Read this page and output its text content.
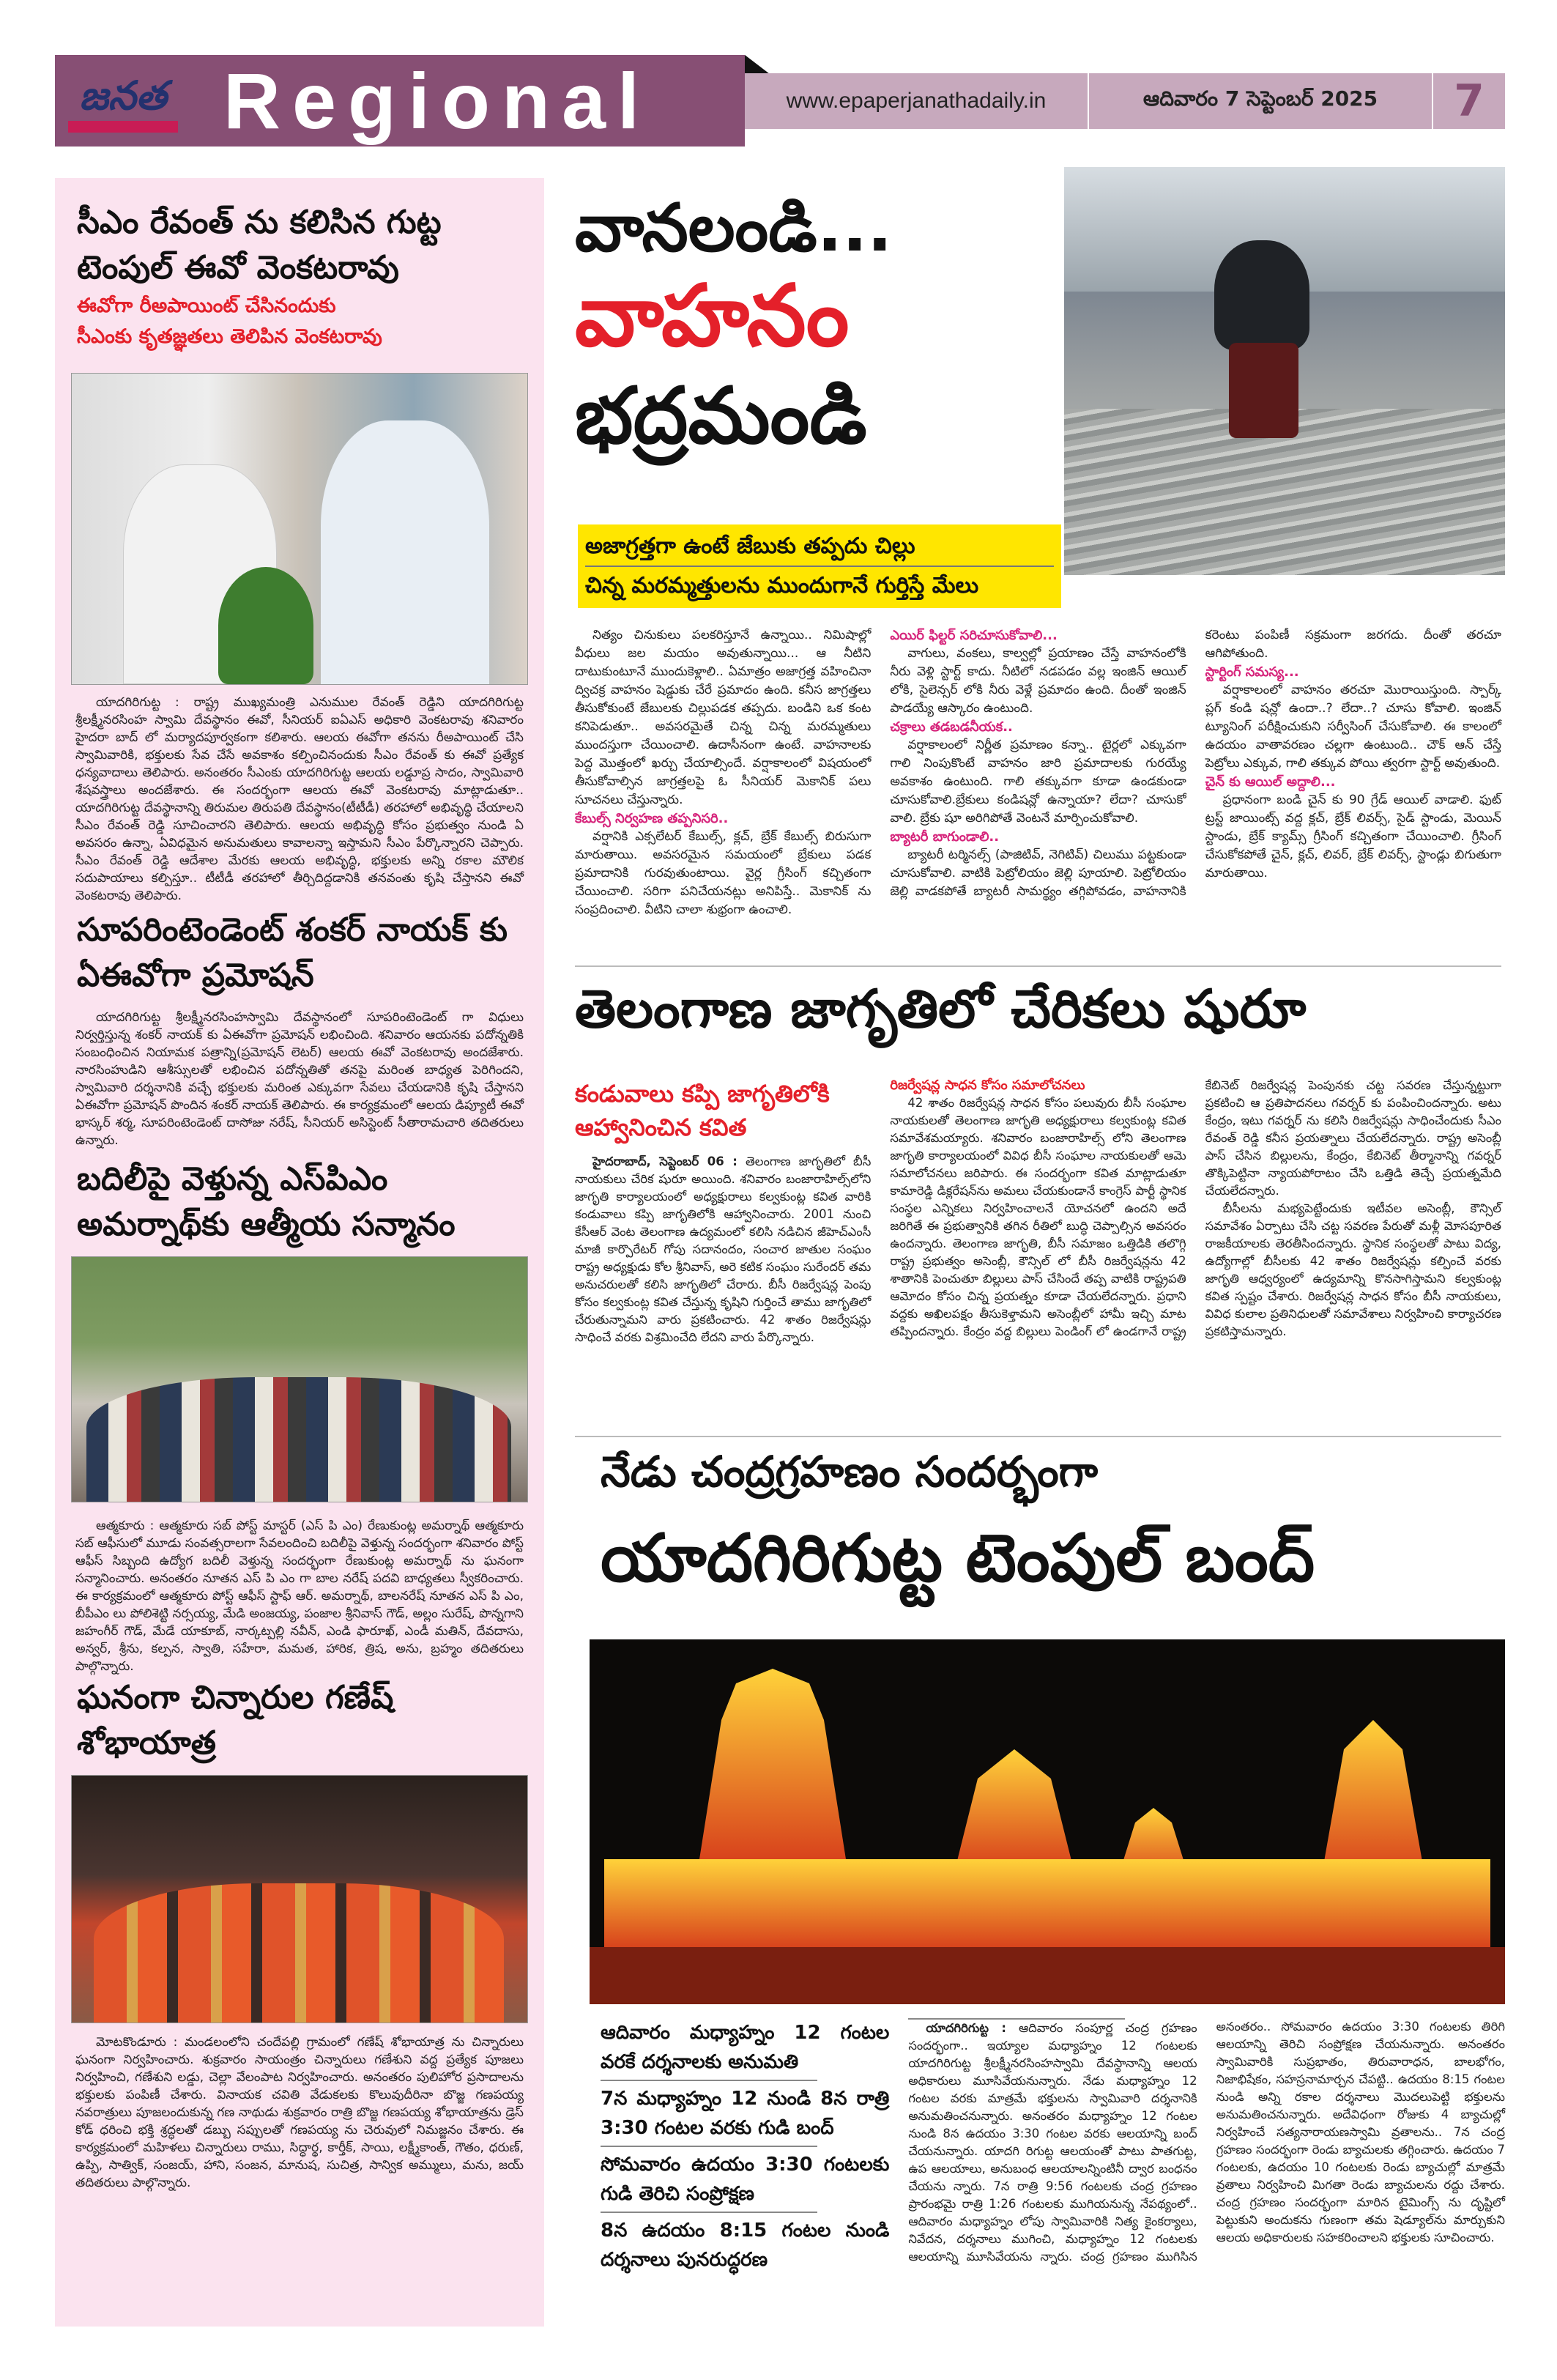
జనత Regional	www.epaperjanathadaily.in	ఆదివారం 7 సెప్టెంబర్ 2025	7
సీఎం రేవంత్ ను కలిసిన గుట్ట
టెంపుల్ ఈవో వెంకటరావు
ఈవోగా రీఅపాయింట్ చేసినందుకు
సీఎంకు కృతజ్ఞతలు తెలిపిన వెంకటరావు
యాదగిరిగుట్ట : రాష్ట్ర ముఖ్యమంత్రి ఎనుముల రేవంత్ రెడ్డిని యాదగిరిగుట్ట శ్రీలక్ష్మీనరసింహ స్వామి దేవస్థానం ఈవో, సీనియర్ ఐఏఎస్ అధికారి వెంకటరావు శనివారం హైదరా బాద్ లో మర్యాదపూర్వకంగా కలిశారు. ఆలయ ఈవోగా తనను రీఅపాయింట్ చేసి స్వామివారికి, భక్తులకు సేవ చేసే అవకాశం కల్పించినందుకు సీఎం రేవంత్ కు ఈవో ప్రత్యేక ధన్యవాదాలు తెలిపారు. అనంతరం సీఎంకు యాదగిరిగుట్ట ఆలయ లడ్డూప్ర సాదం, స్వామివారి శేషవస్త్రాలు అందజేశారు. ఈ సందర్భంగా ఆలయ ఈవో వెంకటరావు మాట్లాడుతూ.. యాదగిరిగుట్ట దేవస్థానాన్ని తిరుమల తిరుపతి దేవస్థానం(టీటీడీ) తరహాలో అభివృద్ధి చేయాలని సీఎం రేవంత్ రెడ్డి సూచించారని తెలిపారు. ఆలయ అభివృద్ధి కోసం ప్రభుత్వం నుండి ఏ అవసరం ఉన్నా, ఏవిధమైన అనుమతులు కావాలన్నా ఇస్తామని సీఎం పేర్కొన్నారని చెప్పారు. సీఎం రేవంత్ రెడ్డి ఆదేశాల మేరకు ఆలయ అభివృద్ధి, భక్తులకు అన్ని రకాల మౌలిక సదుపాయాలు కల్పిస్తూ.. టీటీడీ తరహాలో తీర్చిదిద్దడానికి తనవంతు కృషి చేస్తానని ఈవో వెంకటరావు తెలిపారు.
సూపరింటెండెంట్ శంకర్ నాయక్ కు
ఏఈవోగా ప్రమోషన్
యాదగిరిగుట్ట శ్రీలక్ష్మీనరసింహస్వామి దేవస్థానంలో సూపరింటెండెంట్ గా విధులు నిర్వర్తిస్తున్న శంకర్ నాయక్ కు ఏఈవోగా ప్రమోషన్ లభించింది. శనివారం ఆయనకు పదోన్నతికి సంబంధించిన నియామక పత్రాన్ని(ప్రమోషన్ లెటర్) ఆలయ ఈవో వెంకటరావు అందజేశారు. నారసింహుడిని ఆశీస్సులతో లభించిన పదోన్నతితో తనపై మరింత బాధ్యత పెరిగిందని, స్వామివారి దర్శనానికి వచ్చే భక్తులకు మరింత ఎక్కువగా సేవలు చేయడానికి కృషి చేస్తానని ఏఈవోగా ప్రమోషన్ పొందిన శంకర్ నాయక్ తెలిపారు. ఈ కార్యక్రమంలో ఆలయ డిప్యూటీ ఈవో భాస్కర్ శర్మ, సూపరింటెండెంట్ దాసోజు నరేష్, సీనియర్ అసిస్టెంట్ సీతారామచారి తదితరులు ఉన్నారు.
బదిలీపై వెళ్తున్న ఎస్‌పిఎం
అమర్నాథ్‌కు ఆత్మీయ సన్మానం
ఆత్మకూరు : ఆత్మకూరు సబ్ పోస్ట్ మాస్టర్ (ఎస్ పి ఎం) రేణుకుంట్ల అమర్నాథ్ ఆత్మకూరు సబ్ ఆఫీసులో మూడు సంవత్సరాలగా సేవలందించి బదిలీపై వెళ్తున్న సందర్భంగా శనివారం పోస్ట్ ఆఫీస్ సిబ్బంది ఉద్యోగ బదిలీ వెళ్తున్న సందర్భంగా రేణుకుంట్ల అమర్నాథ్ ను ఘనంగా సన్మానించారు. అనంతరం నూతన ఎస్ పి ఎం గా బాల నరేష్ పదవి బాధ్యతలు స్వీకరించారు. ఈ కార్యక్రమంలో ఆత్మకూరు పోస్ట్ ఆఫీస్ స్టాఫ్ ఆర్. అమర్నాథ్, బాలనరేష్ నూతన ఎస్ పి ఎం, బీపీఎం లు పోలిశెట్టి నర్సయ్య, మేడి అంజయ్య, పంజాల శ్రీనివాస్ గౌడ్, అల్లం సురేష్, పొన్నగాని జహంగీర్ గౌడ్, మేడే యాకూబ్, నార్కట్పల్లి నవీన్, ఎండి ఫారూఖ్, ఎండీ మతిన్, దేవదాసు, అన్వర్, శ్రీను, కల్పన, స్వాతి, సహేరా, మమత, హారిక, త్రిష, అను, బ్రహ్మం తదితరులు పాల్గొన్నారు.
ఘనంగా చిన్నారుల గణేష్ శోభాయాత్ర
మోటకొండూరు : మండలంలోని చందేపల్లి గ్రామంలో గణేష్ శోభాయాత్ర ను చిన్నారులు ఘనంగా నిర్వహించారు. శుక్రవారం సాయంత్రం చిన్నారులు గణేశుని వద్ద ప్రత్యేక పూజలు నిర్వహించి, గణేశుని లడ్డు, చెల్లా వేలంపాట నిర్వహించారు. అనంతరం పులిహోర ప్రసాదాలను భక్తులకు పంపిణీ చేశారు. వినాయక చవితి వేడుకలకు కొలువుదీరినా బొజ్జ గణపయ్య నవరాత్రులు పూజలందుకున్న గణ నాథుడు శుక్రవారం రాత్రి బొజ్జ గణపయ్య శోభాయాత్రను డ్రెస్ కోడ్ ధరించి భక్తి శ్రద్ధలతో డబ్బు సప్పులతో గణపయ్య ను చెరువులో నిమజ్జనం చేశారు. ఈ కార్యక్రమంలో మహిళలు చిన్నారులు రాము, సిద్ధార్థ, కార్తీక్, సాయి, లక్ష్మీకాంత్, గౌతం, ధరుణ్, ఉప్పి, సాత్విక్, సంజయ్, హాని, సంజన, మానుష, సుచిత్ర, సాన్విక అమ్ములు, మను, జయ్ తదితరులు పాల్గొన్నారు.
వానలండి...
వాహనం
భద్రమండి
అజాగ్రత్తగా ఉంటే జేబుకు తప్పదు చిల్లు
చిన్న మరమ్మత్తులను ముందుగానే గుర్తిస్తే మేలు

నిత్యం చినుకులు పలకరిస్తూనే ఉన్నాయి.. నిమిషాల్లో వీధులు జల మయం అవుతున్నాయి... ఆ నీటిని దాటుకుంటూనే ముందుకెళ్లాలి.. ఏమాత్రం అజాగ్రత్త వహించినా ద్విచక్ర వాహనం షెడ్డుకు చేరే ప్రమాదం ఉంది. కనీస జాగ్రత్తలు తీసుకోకుంటే జేబులకు చిల్లుపడక తప్పదు. బండిని ఒక కంట కనిపెడుతూ.. అవసరమైతే చిన్న చిన్న మరమ్మతులు ముందస్తుగా చేయించాలి. ఉదాసీనంగా ఉంటే. వాహనాలకు పెద్ద మొత్తంలో ఖర్చు చేయాల్సిందే. వర్షాకాలంలో విషయంలో తీసుకోవాల్సిన జాగ్రత్తలపై ఓ సీనియర్ మెకానిక్ పలు సూచనలు చేస్తున్నారు.

కేబుల్స్ నిర్వహణ తప్పనిసరి..

వర్షానికి ఎక్సలేటర్ కేబుల్స్, క్లచ్, బ్రేక్ కేబుల్స్ బిరుసుగా మారుతాయి. అవసరమైన సమయంలో బ్రేకులు పడక ప్రమాదానికి గురవుతుంటాయి. వైర్ల గ్రీసింగ్ కచ్చితంగా చేయించాలి. సరిగా పనిచేయనట్లు అనిపిస్తే.. మెకానిక్ ను సంప్రదించాలి. వీటిని చాలా శుభ్రంగా ఉంచాలి.

ఎయిర్ ఫిల్టర్ సరిచూసుకోవాలి...

వాగులు, వంకలు, కాల్వల్లో ప్రయాణం చేస్తే వాహనంలోకి నీరు వెళ్లి స్టార్ట్ కాదు. నీటిలో నడపడం వల్ల ఇంజిన్ ఆయిల్ లోకి, సైలెన్సర్ లోకి నీరు వెళ్లే ప్రమాదం ఉంది. దీంతో ఇంజిన్ పాడయ్యే ఆస్కారం ఉంటుంది.

చక్రాలు తడబడనీయక..

వర్షాకాలంలో నిర్ణీత ప్రమాణం కన్నా.. టైర్లలో ఎక్కువగా గాలి నింపుకొంటే వాహనం జారి ప్రమాదాలకు గురయ్యే అవకాశం ఉంటుంది. గాలి తక్కువగా కూడా ఉండకుండా చూసుకోవాలి.బ్రేకులు కండిషన్లో ఉన్నాయా? లేదా? చూసుకో వాలి. బ్రేకు షూ అరిగిపోతే వెంటనే మార్పించుకోవాలి.

బ్యాటరీ బాగుండాలి..

బ్యాటరీ టర్మినల్స్ (పాజిటివ్, నెగిటివ్) చిలుము పట్టకుండా చూసుకోవాలి. వాటికి పెట్రోలియం జెల్లి పూయాలి. పెట్రోలియం జెల్లి వాడకపోతే బ్యాటరీ సామర్థ్యం తగ్గిపోవడం, వాహనానికి కరెంటు పంపిణీ సక్రమంగా జరగదు. దీంతో తరచూ ఆగిపోతుంది.

స్టార్టింగ్ సమస్య...

వర్షాకాలంలో వాహనం తరచూ మొరాయిస్తుంది. స్పార్క్ ప్లగ్ కండి షన్లో ఉందా..? లేదా..? చూసు కోవాలి. ఇంజిన్ ట్యూనింగ్ పరీక్షించుకుని సర్వీసింగ్ చేసుకోవాలి. ఈ కాలంలో ఉదయం వాతావరణం చల్లగా ఉంటుంది.. చౌక్ ఆన్ చేస్తే పెట్రోలు ఎక్కువ, గాలి తక్కువ పోయి త్వరగా స్టార్ట్ అవుతుంది.

చైన్ కు ఆయిల్ అద్దాలి...

ప్రధానంగా బండి చైన్ కు 90 గ్రేడ్ ఆయిల్ వాడాలి. ఫుట్ ట్రస్ట్ జాయింట్స్ వద్ద క్లచ్, బ్రేక్ లివర్స్, సైడ్ స్టాండు, మెయిన్ స్టాండు, బ్రేక్ క్యామ్స్ గ్రీసింగ్ కచ్చితంగా చేయించాలి. గ్రీసింగ్ చేసుకోకపోతే చైన్, క్లచ్, లివర్, బ్రేక్ లివర్స్, స్టాండ్లు బిగుతుగా మారుతాయి.

తెలంగాణ జాగృతిలో చేరికలు షురూ
కండువాలు కప్పి జాగృతిలోకి
ఆహ్వానించిన కవిత

హైదరాబాద్, సెప్టెంబర్ 06 : తెలంగాణ జాగృతిలో బీసీ నాయకులు చేరిక షురూ అయింది. శనివారం బంజారాహిల్స్‌లోని జాగృతి కార్యాలయంలో అధ్యక్షురాలు కల్వకుంట్ల కవిత వారికి కండువాలు కప్పి జాగృతిలోకి ఆహ్వానించారు. 2001 నుంచి కేసీఆర్ వెంట తెలంగాణ ఉద్యమంలో కలిసి నడిచిన జీహెచ్ఎంసీ మాజీ కార్పొరేటర్ గోపు సదానందం, సంచార జాతుల సంఘం రాష్ట్ర అధ్యక్షుడు కోల శ్రీనివాస్, అరె కటిక సంఘం సురేందర్ తమ అనుచరులతో కలిసి జాగృతిలో చేరారు. బీసీ రిజర్వేషన్ల పెంపు కోసం కల్వకుంట్ల కవిత చేస్తున్న కృషిని గుర్తించే తాము జాగృతిలో చేరుతున్నామని వారు ప్రకటించారు. 42 శాతం రిజర్వేషన్లు సాధించే వరకు విశ్రమించేది లేదని వారు పేర్కొన్నారు.

రిజర్వేషన్ల సాధన కోసం సమాలోచనలు

42 శాతం రిజర్వేషన్ల సాధన కోసం పలువురు బీసీ సంఘాల నాయకులతో తెలంగాణ జాగృతి అధ్యక్షురాలు కల్వకుంట్ల కవిత సమావేశమయ్యారు. శనివారం బంజారాహిల్స్ లోని తెలంగాణ జాగృతి కార్యాలయంలో వివిధ బీసీ సంఘాల నాయకులతో ఆమె సమాలోచనలు జరిపారు. ఈ సందర్భంగా కవిత మాట్లాడుతూ కామారెడ్డి డిక్లరేషన్‌ను అమలు చేయకుండానే కాంగ్రెస్ పార్టీ స్థానిక సంస్థల ఎన్నికలు నిర్వహించాలనే యోచనలో ఉందని అదే జరిగితే ఈ ప్రభుత్వానికి తగిన రీతిలో బుద్ధి చెప్పాల్సిన అవసరం ఉందన్నారు. తెలంగాణ జాగృతి, బీసీ సమాజం ఒత్తిడికి తలొగ్గి రాష్ట్ర ప్రభుత్వం అసెంబ్లీ, కౌన్సిల్ లో బీసీ రిజర్వేషన్లను 42 శాతానికి పెంచుతూ బిల్లులు పాస్ చేసిందే తప్ప వాటికి రాష్ట్రపతి ఆమోదం కోసం చిన్న ప్రయత్నం కూడా చేయలేదన్నారు. ప్రధాని వద్దకు అఖిలపక్షం తీసుకెళ్తామని అసెంబ్లీలో హామీ ఇచ్చి మాట తప్పిందన్నారు. కేంద్రం వద్ద బిల్లులు పెండింగ్ లో ఉండగానే రాష్ట్ర కేబినెట్ రిజర్వేషన్ల పెంపునకు చట్ట సవరణ చేస్తున్నట్టుగా ప్రకటించి ఆ ప్రతిపాదనలు గవర్నర్ కు పంపించిందన్నారు. అటు కేంద్రం, ఇటు గవర్నర్ ను కలిసి రిజర్వేషన్లు సాధించేందుకు సీఎం రేవంత్ రెడ్డి కనీస ప్రయత్నాలు చేయలేదన్నారు. రాష్ట్ర అసెంబ్లీ పాస్ చేసిన బిల్లులను, కేంద్రం, కేబినెట్ తీర్మానాన్ని గవర్నర్ తొక్కిపెట్టినా న్యాయపోరాటం చేసి ఒత్తిడి తెచ్చే ప్రయత్నమేది చేయలేదన్నారు.

బీసీలను మభ్యపెట్టేందుకు ఇటీవల అసెంబ్లీ, కౌన్సిల్ సమావేశం ఏర్పాటు చేసి చట్ట సవరణ పేరుతో మళ్లీ మోసపూరిత రాజకీయాలకు తెరతీసిందన్నారు. స్థానిక సంస్థలతో పాటు విద్య, ఉద్యోగాల్లో బీసీలకు 42 శాతం రిజర్వేషన్లు కల్పించే వరకు జాగృతి ఆధ్వర్యంలో ఉద్యమాన్ని కొనసాగిస్తామని కల్వకుంట్ల కవిత స్పష్టం చేశారు. రిజర్వేషన్ల సాధన కోసం బీసీ నాయకులు, వివిధ కులాల ప్రతినిధులతో సమావేశాలు నిర్వహించి కార్యాచరణ ప్రకటిస్తామన్నారు.

నేడు చంద్రగ్రహణం సందర్భంగా
యాదగిరిగుట్ట టెంపుల్ బంద్
ఆదివారం మధ్యాహ్నం 12 గంటల వరకే దర్శనాలకు అనుమతి
7న మధ్యాహ్నం 12 నుండి 8న రాత్రి 3:30 గంటల వరకు గుడి బంద్
సోమవారం ఉదయం 3:30 గంటలకు గుడి తెరిచి సంప్రోక్షణ
8న ఉదయం 8:15 గంటల నుండి దర్శనాలు పునరుద్ధరణ

యాదగిరిగుట్ట : ఆదివారం సంపూర్ణ చంద్ర గ్రహణం సందర్భంగా.. ఇయ్యాల మధ్యాహ్నం 12 గంటలకు యాదగిరిగుట్ట శ్రీలక్ష్మీనరసింహస్వామి దేవస్థానాన్ని ఆలయ అధికారులు మూసివేయనున్నారు. నేడు మధ్యాహ్నం 12 గంటల వరకు మాత్రమే భక్తులను స్వామివారి దర్శనానికి అనుమతించనున్నారు. అనంతరం మధ్యాహ్నం 12 గంటల నుండి 8న ఉదయం 3:30 గంటల వరకు ఆలయాన్ని బంద్ చేయనున్నారు. యాదగి రిగుట్ట ఆలయంతో పాటు పాతగుట్ట, ఉప ఆలయాలు, అనుబంధ ఆలయాలన్నింటినీ ద్వార బంధనం చేయను న్నారు. 7న రాత్రి 9:56 గంటలకు చంద్ర గ్రహణం ప్రారంభమై రాత్రి 1:26 గంటలకు ముగియనున్న నేపథ్యంలో.. ఆదివారం మధ్యాహ్నం లోపు స్వామివారికి నిత్య కైంకర్యాలు, నివేదన, దర్శనాలు ముగించి, మధ్యాహ్నం 12 గంటలకు ఆలయాన్ని మూసివేయను న్నారు. చంద్ర గ్రహణం ముగిసిన అనంతరం.. సోమవారం ఉదయం 3:30 గంటలకు తిరిగి ఆలయాన్ని తెరిచి సంప్రోక్షణ చేయనున్నారు. అనంతరం స్వామివారికి సుప్రభాతం, తిరువారాధన, బాలభోగం, నిజాభిషేకం, సహస్రనామార్చన చేపట్టి.. ఉదయం 8:15 గంటల నుండి అన్ని రకాల దర్శనాలు మొదలుపెట్టి భక్తులను అనుమతించనున్నారు. అదేవిధంగా రోజుకు 4 బ్యాచుల్లో నిర్వహించే సత్యనారాయణస్వామి వ్రతాలను.. 7న చంద్ర గ్రహణం సందర్భంగా రెండు బ్యాచులకు తగ్గించారు. ఉదయం 7 గంటలకు, ఉదయం 10 గంటలకు రెండు బ్యాచుల్లో మాత్రమే వ్రతాలు నిర్వహించి మిగతా రెండు బ్యాచులను రద్దు చేశారు. చంద్ర గ్రహణం సందర్భంగా మారిన టైమింగ్స్ ను దృష్టిలో పెట్టుకుని అందుకను గుణంగా తమ షెడ్యూల్‌ను మార్చుకుని ఆలయ అధికారులకు సహకరించాలని భక్తులకు సూచించారు.
